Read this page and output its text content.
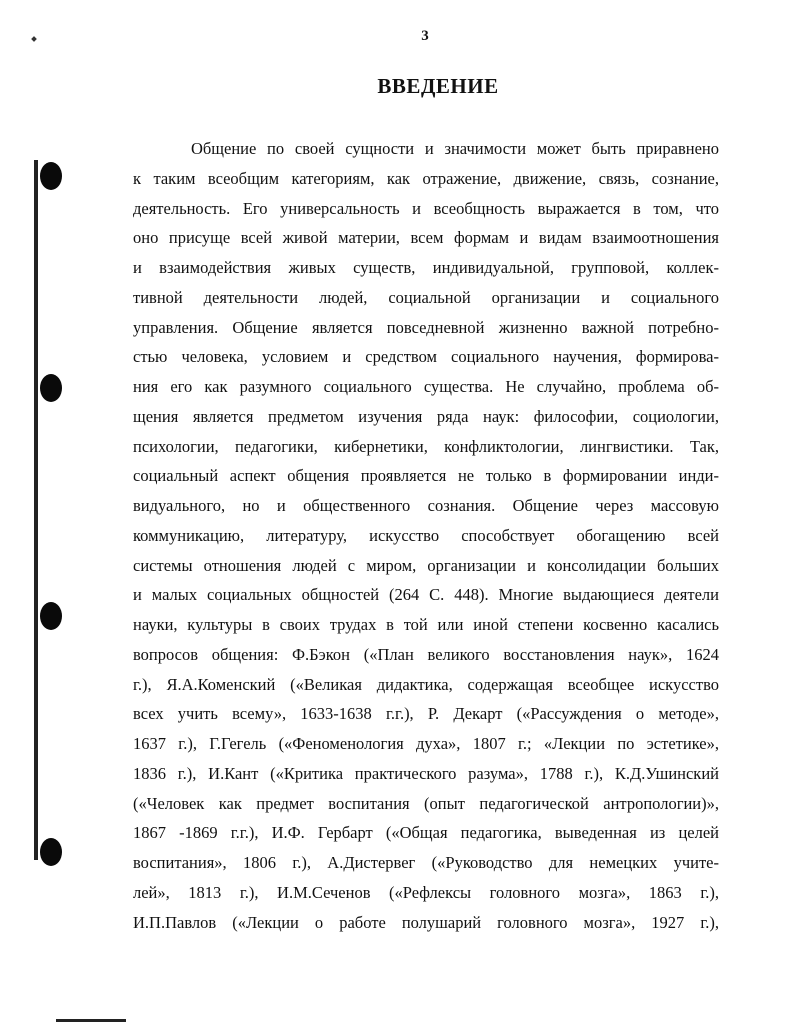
3
ВВЕДЕНИЕ
Общение по своей сущности и значимости может быть приравнено
к таким всеобщим категориям, как отражение, движение, связь, сознание,
деятельность. Его универсальность и всеобщность выражается в том, что
оно присуще всей живой материи, всем формам и видам взаимоотношения
и взаимодействия живых существ, индивидуальной, групповой, коллек-
тивной деятельности людей, социальной организации и социального
управления. Общение является повседневной жизненно важной потребно-
стью человека, условием и средством социального научения, формирова-
ния его как разумного социального существа. Не случайно, проблема об-
щения является предметом изучения ряда наук: философии, социологии,
психологии, педагогики, кибернетики, конфликтологии, лингвистики. Так,
социальный аспект общения проявляется не только в формировании инди-
видуального, но и общественного сознания. Общение через массовую
коммуникацию, литературу, искусство способствует обогащению всей
системы отношения людей с миром, организации и консолидации больших
и малых социальных общностей (264 С. 448). Многие выдающиеся деятели
науки, культуры в своих трудах в той или иной степени косвенно касались
вопросов общения: Ф.Бэкон («План великого восстановления наук», 1624
г.), Я.А.Коменский («Великая дидактика, содержащая всеобщее искусство
всех учить всему», 1633-1638 г.г.), Р. Декарт («Рассуждения о методе»,
1637 г.), Г.Гегель («Феноменология духа», 1807 г.; «Лекции по эстетике»,
1836 г.), И.Кант («Критика практического разума», 1788 г.), К.Д.Ушинский
(«Человек как предмет воспитания (опыт педагогической антропологии)»,
1867 -1869 г.г.), И.Ф. Гербарт («Общая педагогика, выведенная из целей
воспитания», 1806 г.), А.Дистервег («Руководство для немецких учите-
лей», 1813 г.), И.М.Сеченов («Рефлексы головного мозга», 1863 г.),
И.П.Павлов («Лекции о работе полушарий головного мозга», 1927 г.),
